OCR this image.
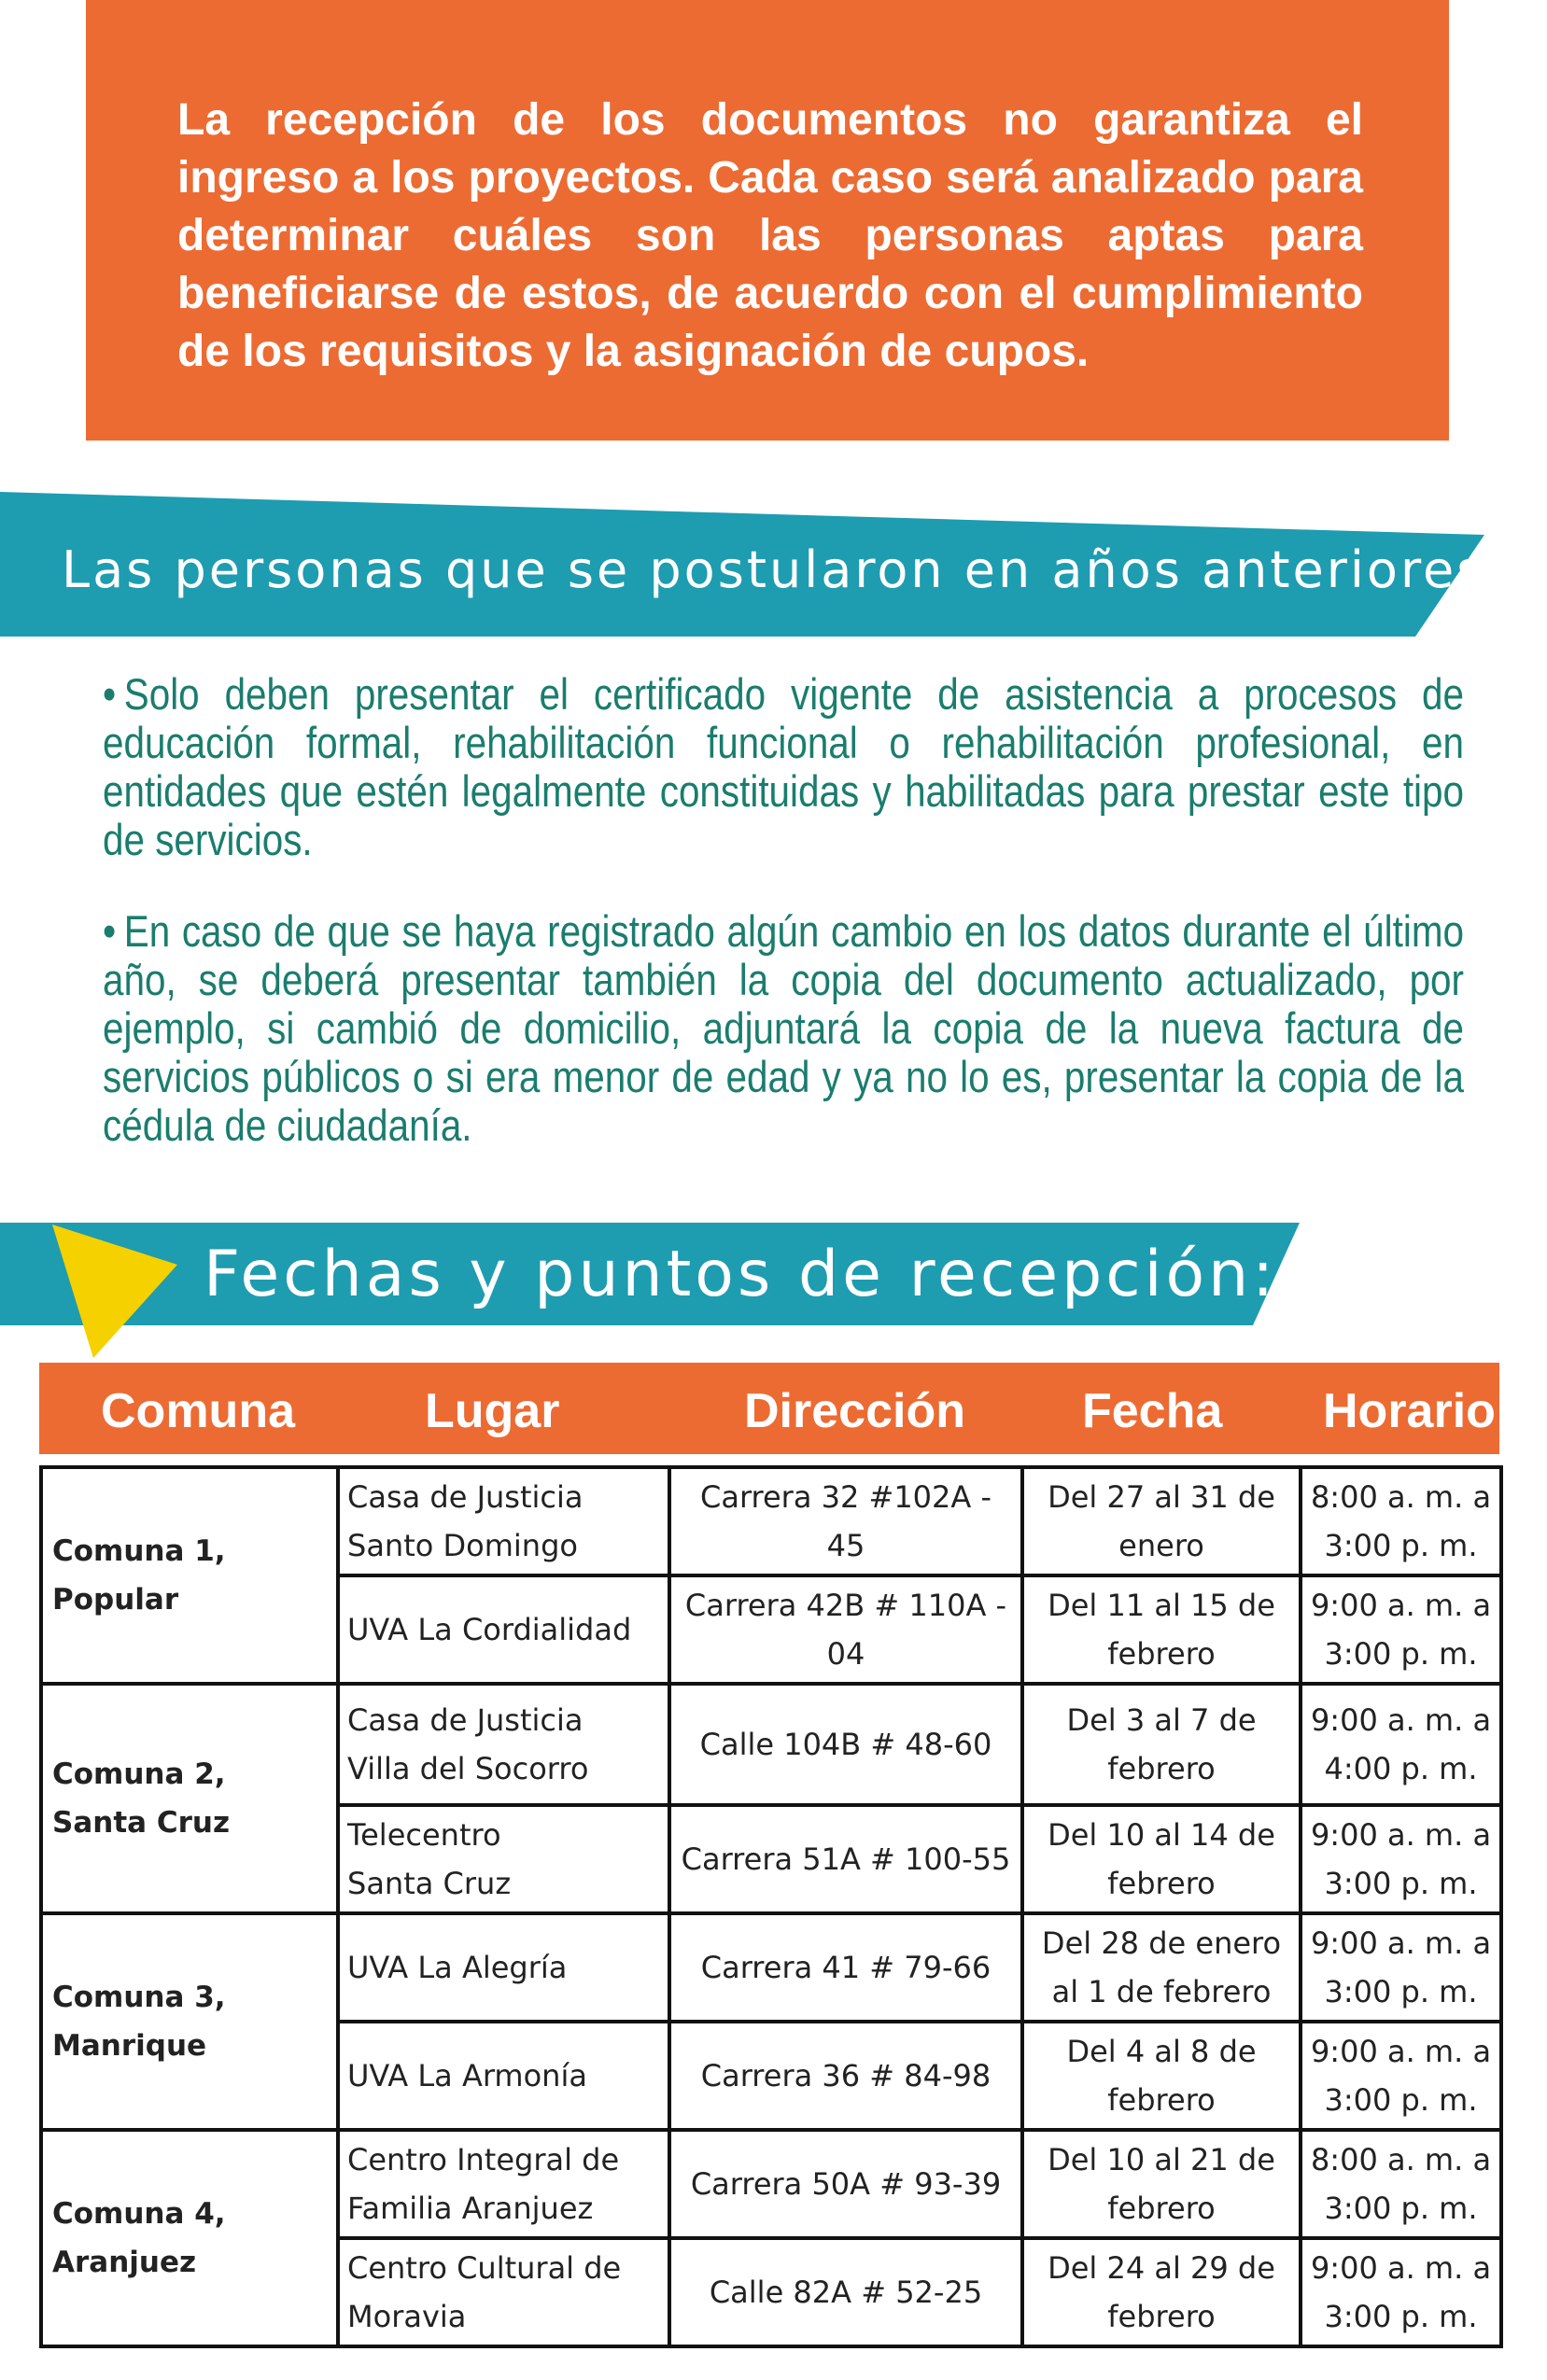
La recepción de los documentos no garantiza el ingreso a los proyectos. Cada caso será analizado para determinar cuáles son las personas aptas para beneficiarse de estos, de acuerdo con el cumplimiento de los requisitos y la asignación de cupos.

Las personas que se postularon en años anteriores

• Solo deben presentar el certificado vigente de asistencia a procesos de educación formal, rehabilitación funcional o rehabilitación profesional, en entidades que estén legalmente constituidas y habilitadas para prestar este tipo de servicios.

• En caso de que se haya registrado algún cambio en los datos durante el último año, se deberá presentar también la copia del documento actualizado, por ejemplo, si cambió de domicilio, adjuntará la copia de la nueva factura de servicios públicos o si era menor de edad y ya no lo es, presentar la copia de la cédula de ciudadanía.

Fechas y puntos de recepción:
Comuna	Lugar	Dirección Fecha Horario
Comuna 1,
Popular	Casa de Justicia
Santo Domingo	Carrera 32 #102A - 45	Del 27 al 31 de
enero	8:00 a. m. a
3:00 p. m.

	UVA La Cordialidad	Carrera 42B # 110A - 04	Del 11 al 15 de
febrero	9:00 a. m. a
3:00 p. m.

Comuna 2,
Santa Cruz	Casa de Justicia
Villa del Socorro	Calle 104B # 48-60	Del 3 al 7 de
febrero	9:00 a. m. a
4:00 p. m.

	Telecentro
Santa Cruz	Carrera 51A # 100-55	Del 10 al 14 de
febrero	9:00 a. m. a
3:00 p. m.

Comuna 3,
Manrique	UVA La Alegría	Carrera 41 # 79-66	Del 28 de enero
al 1 de febrero	9:00 a. m. a
3:00 p. m.

	UVA La Armonía	Carrera 36 # 84-98	Del 4 al 8 de
febrero	9:00 a. m. a
3:00 p. m.

Comuna 4,
Aranjuez	Centro Integral de
Familia Aranjuez	Carrera 50A # 93-39	Del 10 al 21 de
febrero	8:00 a. m. a
3:00 p. m.

	Centro Cultural de
Moravia	Calle 82A # 52-25	Del 24 al 29 de
febrero	9:00 a. m. a
3:00 p. m.
